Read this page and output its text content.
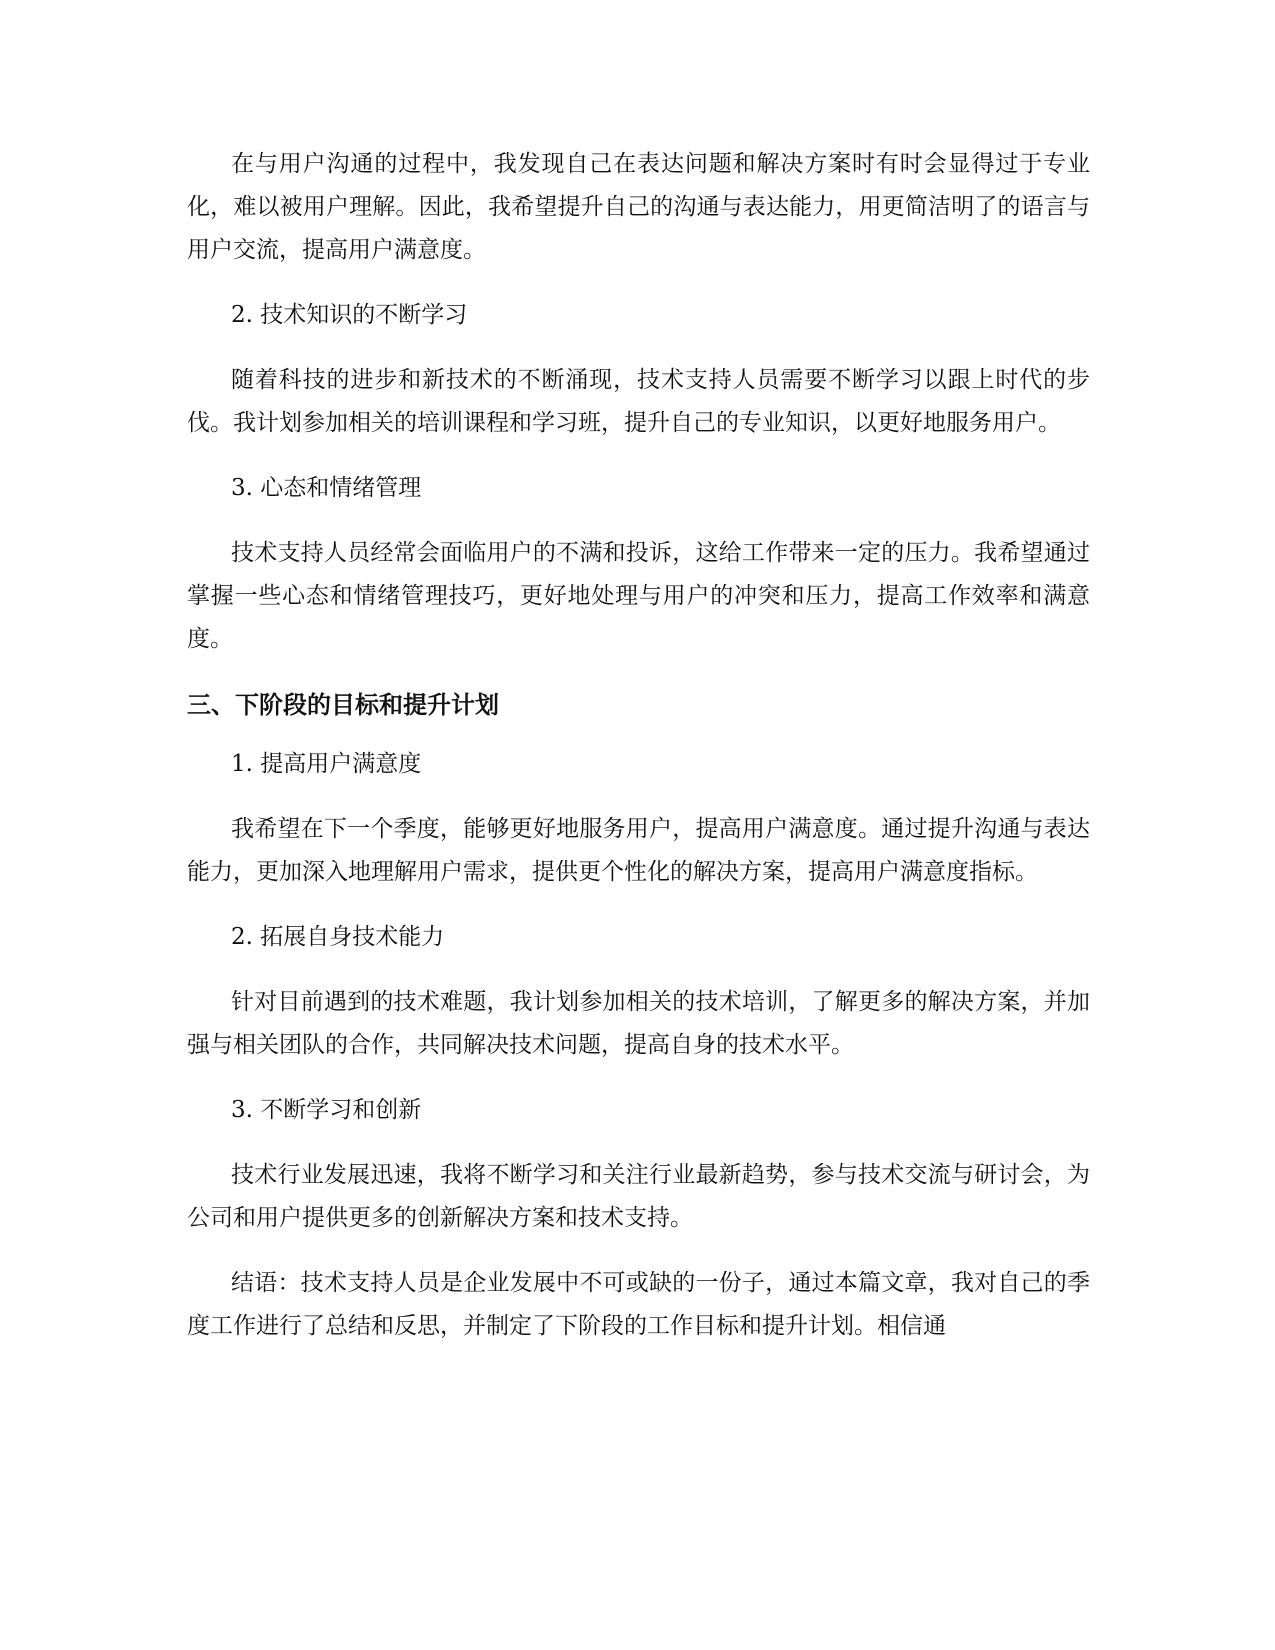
在与用户沟通的过程中，我发现自己在表达问题和解决方案时有时会显得过于专业化，难以被用户理解。因此，我希望提升自己的沟通与表达能力，用更简洁明了的语言与用户交流，提高用户满意度。

2. 技术知识的不断学习

随着科技的进步和新技术的不断涌现，技术支持人员需要不断学习以跟上时代的步伐。我计划参加相关的培训课程和学习班，提升自己的专业知识，以更好地服务用户。

3. 心态和情绪管理

技术支持人员经常会面临用户的不满和投诉，这给工作带来一定的压力。我希望通过掌握一些心态和情绪管理技巧，更好地处理与用户的冲突和压力，提高工作效率和满意度。

三、下阶段的目标和提升计划

1. 提高用户满意度

我希望在下一个季度，能够更好地服务用户，提高用户满意度。通过提升沟通与表达能力，更加深入地理解用户需求，提供更个性化的解决方案，提高用户满意度指标。

2. 拓展自身技术能力

针对目前遇到的技术难题，我计划参加相关的技术培训，了解更多的解决方案，并加强与相关团队的合作，共同解决技术问题，提高自身的技术水平。

3. 不断学习和创新

技术行业发展迅速，我将不断学习和关注行业最新趋势，参与技术交流与研讨会，为公司和用户提供更多的创新解决方案和技术支持。

结语：技术支持人员是企业发展中不可或缺的一份子，通过本篇文章，我对自己的季度工作进行了总结和反思，并制定了下阶段的工作目标和提升计划。相信通
